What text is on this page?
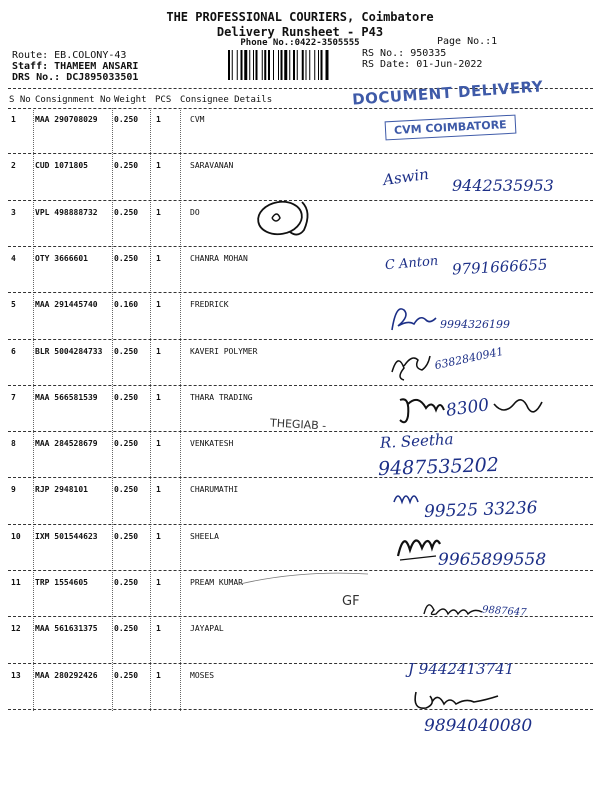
THE PROFESSIONAL COURIERS, Coimbatore
Delivery Runsheet - P43
Phone No.:0422-3505555
Route: EB.COLONY-43
Staff: THAMEEM ANSARI
DRS No.: DCJ895033501
Page No.:1
RS No.: 950335
RS Date: 01-Jun-2022
S No Consignment No Weight PCS Consignee Details
1 MAA 290708029 0.250 1	CVM
2 CUD 1071805	0.250 1	SARAVANAN
3 VPL 498888732 0.250 1	DO
4 OTY 3666601	0.250 1	CHANRA MOHAN
5 MAA 291445740 0.160 1	FREDRICK
6 BLR 5004284733 0.250 1	KAVERI POLYMER
7 MAA 566581539 0.250 1	THARA TRADING
8 MAA 284528679 0.250 1	VENKATESH
9 RJP 2948101	0.250 1	CHARUMATHI
10 IXM 501544623 0.250 1	SHEELA
11 TRP 1554605	0.250 1	PREAM KUMAR
12 MAA 561631375 0.250 1	JAYAPAL
13 MAA 280292426 0.250 1	MOSES
DOCUMENT DELIVERY
CVM COIMBATORE
Aswin 9442535953
C Anton 9791666655
9994326199
6382840941
8300
THEGIAB -
R. Seetha
9487535202
99525 33236
9965899558
GF
9887647
J 9442413741
9894040080
